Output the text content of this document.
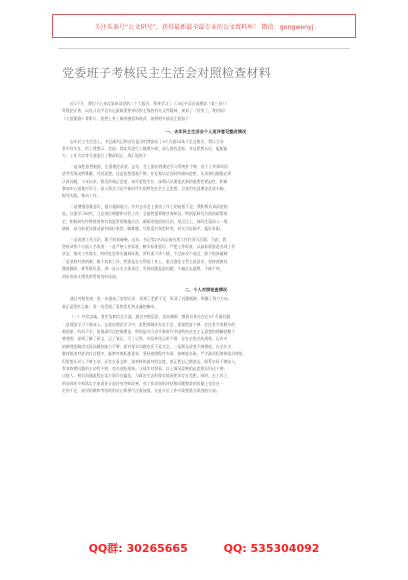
关注头条号“公文研究”，获得最新最全最专业的公文资料库！ 微信：gongwenyj
党委班子考核民主生活会对照检查材料

近1个月，我们下心来反复研读党的二十大报告、系统学习了《习近平谈治国理政（第三卷）》

等理论专著，以及习近平总书记最新重要讲话和上级的有关文件精神，观看了《厉害了，我的国》

《大国重器》等影片，思想上有了新的感悟和收获，现将相关情况汇报如下：

一、去年民主生活会个人批评意见整改情况

去年民主生活会上，书记副书记和各位委员给我指出了3个方面10条不足及建议，我认为非

常中肯实在，给了我警示、会说、我从其进行了梳理分析，深入查找差距，并从思想认识、履职能

力、工作方法等方面进行了整改纠正，现汇报如下：

一是深挖思想根源，注重理论武装。去年，会上指出我理论学习系统性不够，由于工作事项国

济突发情况特殊繁，究其思想，还是思想重视不够，存在着以后任时的倾向思想，认识到问题根必须

认真问题，今年以来，我及时调正态度、筑牢思想定位，深刻认识理论武装的重要性紧迫性，积极

参加中心组集中学习，深入领会习近平新时代中国特色社会主义思想，自觉用先进理论武装头脑、

指导实践、推动工作。

二是增强思维意识，提升履职能力。针对去年会上指出工作上的短板不足，我积极认真改进提

高，注重学习研究，立足岗位调整和分管工作，全面熟悉掌握业务知识，特别是研究方面的政策规

定，积极研究经费使用和有效监管的措施方法，确保用钱依规合法。用点点上，同时注重深入一线

调研，同当前党员群众面对面拉家常、解难题，尽快适应角色转变，切实当好助手、履好本职。

三是改进工作方法，敢于较真碰硬。去年，书记等2名同志指出我工作作风欠沉稳，为此，我

坚持从两个方面入手改进：一是严格工作标准，树牢标准意识，严把工作标准，以高标准推进各项工作

状态、推动工作落实，时时处处带头做到标准，讲标准不讲人情，不过标况不放过，敢于较真碰硬

二是坚持对查机制，敢于较真工作，特别是在分管的工作上，重点强化主管主责意识，坚持查摆问

题查整改，谁管谁负责，进一步压实主体责任，发现问题直面问题，不搞过去面照、不痛不痒，

初步形成支撑其所管的良好局面。

二、个人对照检查情况

通过对照检查，进一步提高了思想认识，看到了差距不足，听清了问题根源，明确了努力方向，

真正是犹红心脏，再一次受到了思想洗礼和灵魂的触动。

（一）对党忠诚、坚定信仰信念方面。通过对照反思，追本溯源，感到自身还存在3个方面问题：

一是理论学习不够深入。在政治理论学习中，思想领域还存在不足，重视程度不够，往往有学用脱节的

新现象，听而不学，很难深层次挖掘理论，特别是对习近平新时代中国特色社会主义思想的理解把握不

够透彻，深刻了解了原文，记了笔记，写了心得，实际转化运用不够，存在走形式的现象。运有对

的新理论解决实际问题的能力不够，面对现实问题也还不是完全。二是理念改变不够彻底。在全年全

整体推进对症治疗过程中，能够对照标准更求，坚持按照程序办事，按制度办事，严守政治纪律和政治规矩，

但思想认识上不够主动，还存在看文件、读材料的面对的态度，真正把自己摆进去，联系实际不够深入，

有效查摆问题的主动性不够，存在迎检现象。与现实对照看，以上情况反映的是思想认识还不够，

让他人、相识沟通流程在某方面存在偏差，与政治生态的现实情况要求存在差距。同时，在工作上

的具体环节和落实主体责任方面还有空间改善，对工作成效的评估和问题整改的质量上也存在一

定的不足，面对困难和考验时的决心和勇气还需加强，这是今后工作中需要重点改进的方面。

QQ群: 30265665	QQ: 535304092
